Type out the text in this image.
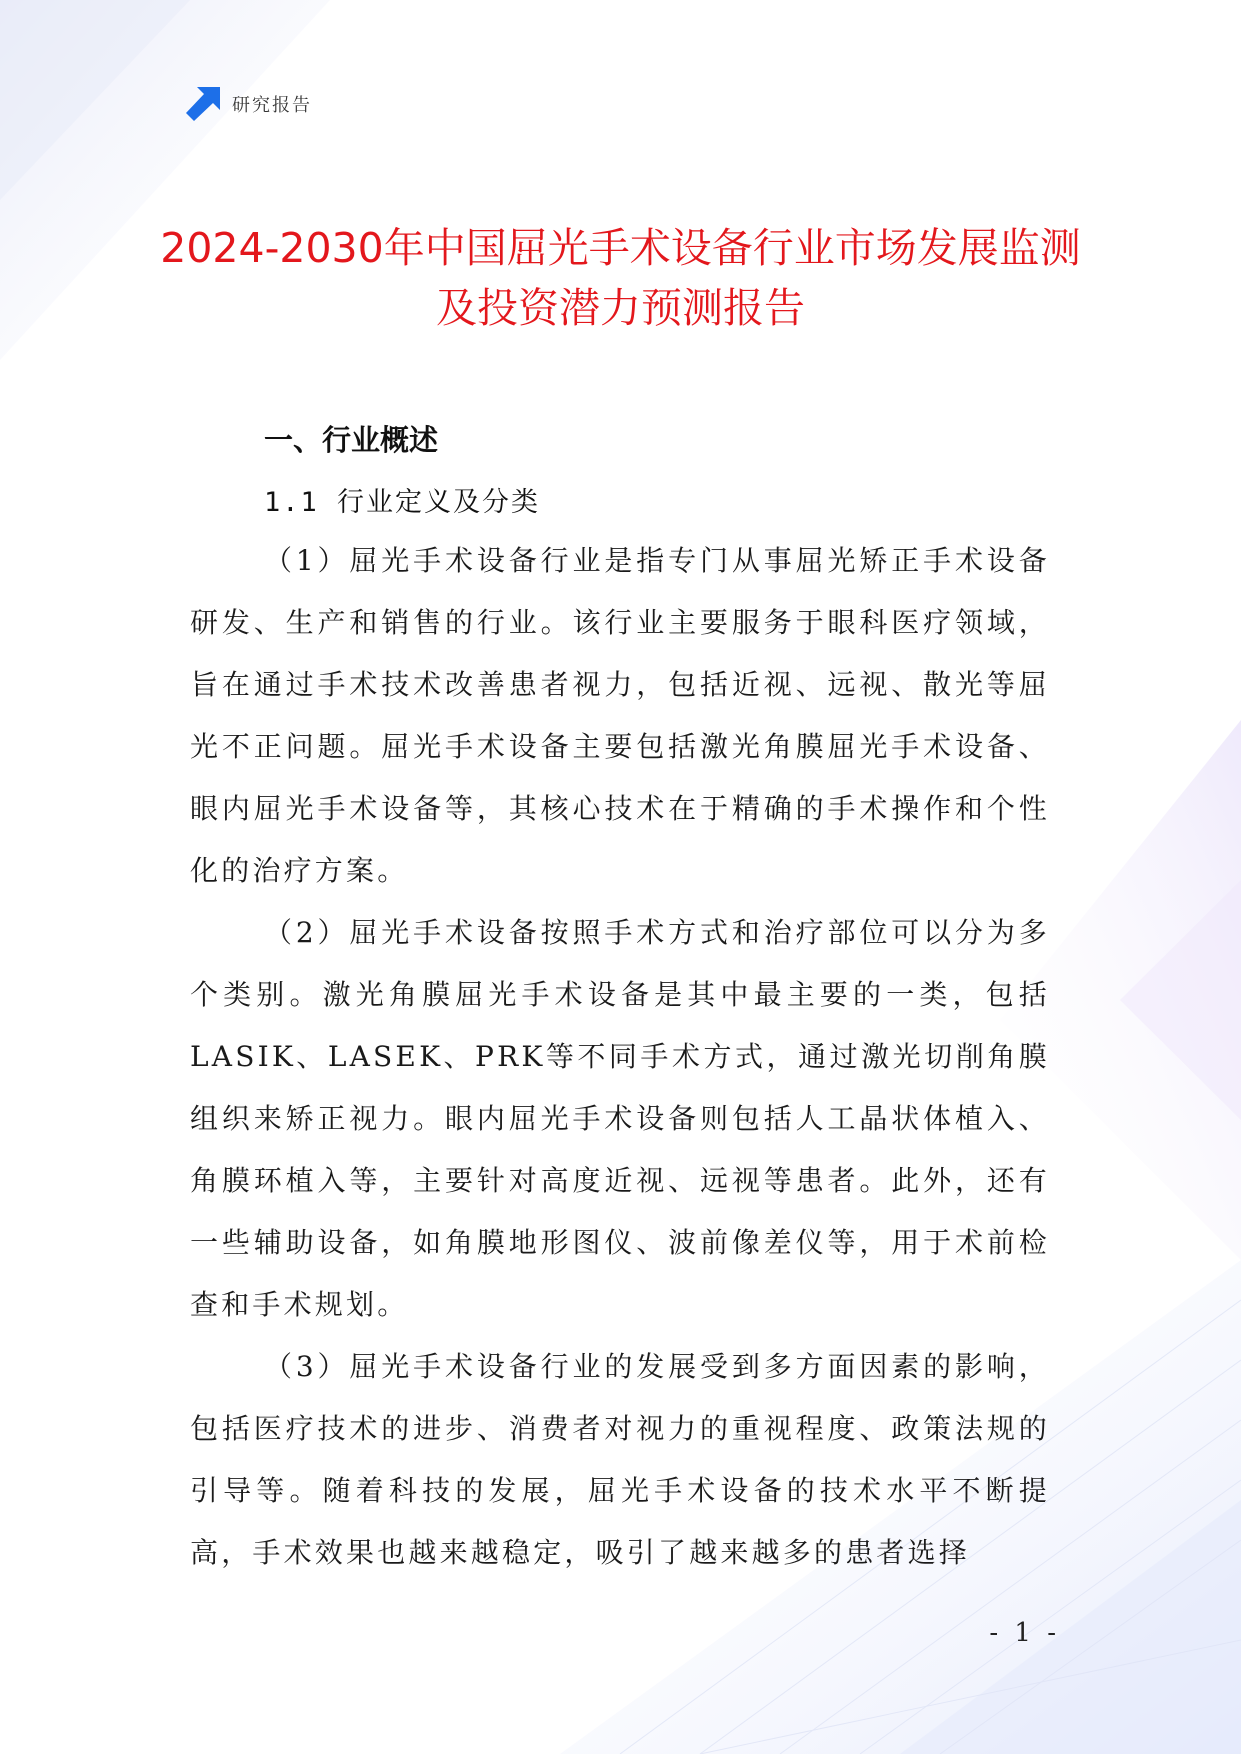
研究报告
2024-2030年中国屈光手术设备行业市场发展监测及投资潜力预测报告
一、行业概述
1.1 行业定义及分类

（1）屈光手术设备行业是指专门从事屈光矫正手术设备研发、生产和销售的行业。该行业主要服务于眼科医疗领域，旨在通过手术技术改善患者视力，包括近视、远视、散光等屈光不正问题。屈光手术设备主要包括激光角膜屈光手术设备、眼内屈光手术设备等，其核心技术在于精确的手术操作和个性化的治疗方案。

（2）屈光手术设备按照手术方式和治疗部位可以分为多个类别。激光角膜屈光手术设备是其中最主要的一类，包括LASIK、LASEK、PRK等不同手术方式，通过激光切削角膜组织来矫正视力。眼内屈光手术设备则包括人工晶状体植入、角膜环植入等，主要针对高度近视、远视等患者。此外，还有一些辅助设备，如角膜地形图仪、波前像差仪等，用于术前检查和手术规划。

（3）屈光手术设备行业的发展受到多方面因素的影响，包括医疗技术的进步、消费者对视力的重视程度、政策法规的引导等。随着科技的发展，屈光手术设备的技术水平不断提高，手术效果也越来越稳定，吸引了越来越多的患者选择

- 1 -
